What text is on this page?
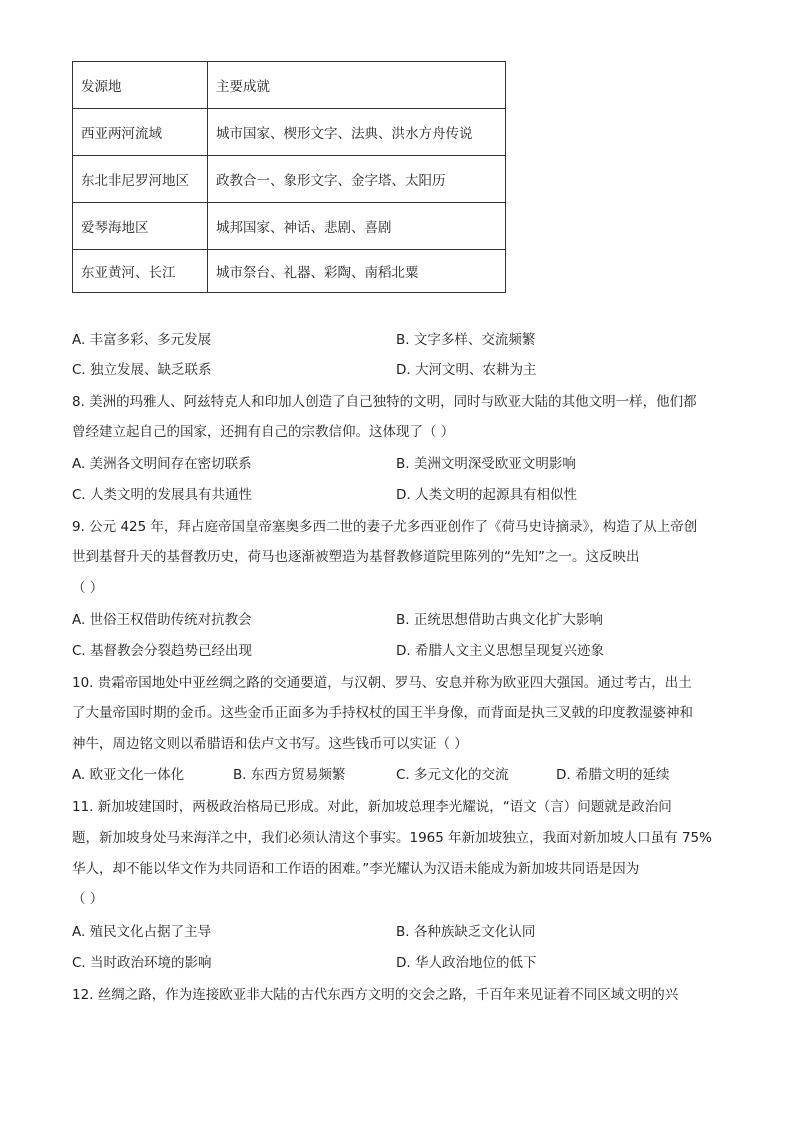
发源地	主要成就
西亚两河流域	城市国家、楔形文字、法典、洪水方舟传说
东北非尼罗河地区	政教合一、象形文字、金字塔、太阳历
爱琴海地区	城邦国家、神话、悲剧、喜剧
东亚黄河、长江	城市祭台、礼器、彩陶、南稻北粟
A. 丰富多彩、多元发展	B. 文字多样、交流频繁
C. 独立发展、缺乏联系	D. 大河文明、农耕为主
8. 美洲的玛雅人、阿兹特克人和印加人创造了自己独特的文明，同时与欧亚大陆的其他文明一样，他们都
曾经建立起自己的国家，还拥有自己的宗教信仰。这体现了（ ）
A. 美洲各文明间存在密切联系	B. 美洲文明深受欧亚文明影响
C. 人类文明的发展具有共通性	D. 人类文明的起源具有相似性
9. 公元 425 年，拜占庭帝国皇帝塞奥多西二世的妻子尤多西亚创作了《荷马史诗摘录》，构造了从上帝创
世到基督升天的基督教历史，荷马也逐渐被塑造为基督教修道院里陈列的“先知”之一。这反映出
（ ）
A. 世俗王权借助传统对抗教会	B. 正统思想借助古典文化扩大影响
C. 基督教会分裂趋势已经出现	D. 希腊人文主义思想呈现复兴迹象
10. 贵霜帝国地处中亚丝绸之路的交通要道，与汉朝、罗马、安息并称为欧亚四大强国。通过考古，出土
了大量帝国时期的金币。这些金币正面多为手持权杖的国王半身像，而背面是执三叉戟的印度教湿婆神和
神牛，周边铭文则以希腊语和佉卢文书写。这些钱币可以实证（ ）
A. 欧亚文化一体化	B. 东西方贸易频繁	C. 多元文化的交流	D. 希腊文明的延续
11. 新加坡建国时，两极政治格局已形成。对此，新加坡总理李光耀说，“语文（言）问题就是政治问
题，新加坡身处马来海洋之中，我们必须认清这个事实。1965 年新加坡独立，我面对新加坡人口虽有 75%
华人，却不能以华文作为共同语和工作语的困难。”李光耀认为汉语未能成为新加坡共同语是因为
（ ）
A. 殖民文化占据了主导	B. 各种族缺乏文化认同
C. 当时政治环境的影响	D. 华人政治地位的低下
12. 丝绸之路，作为连接欧亚非大陆的古代东西方文明的交会之路，千百年来见证着不同区域文明的兴
